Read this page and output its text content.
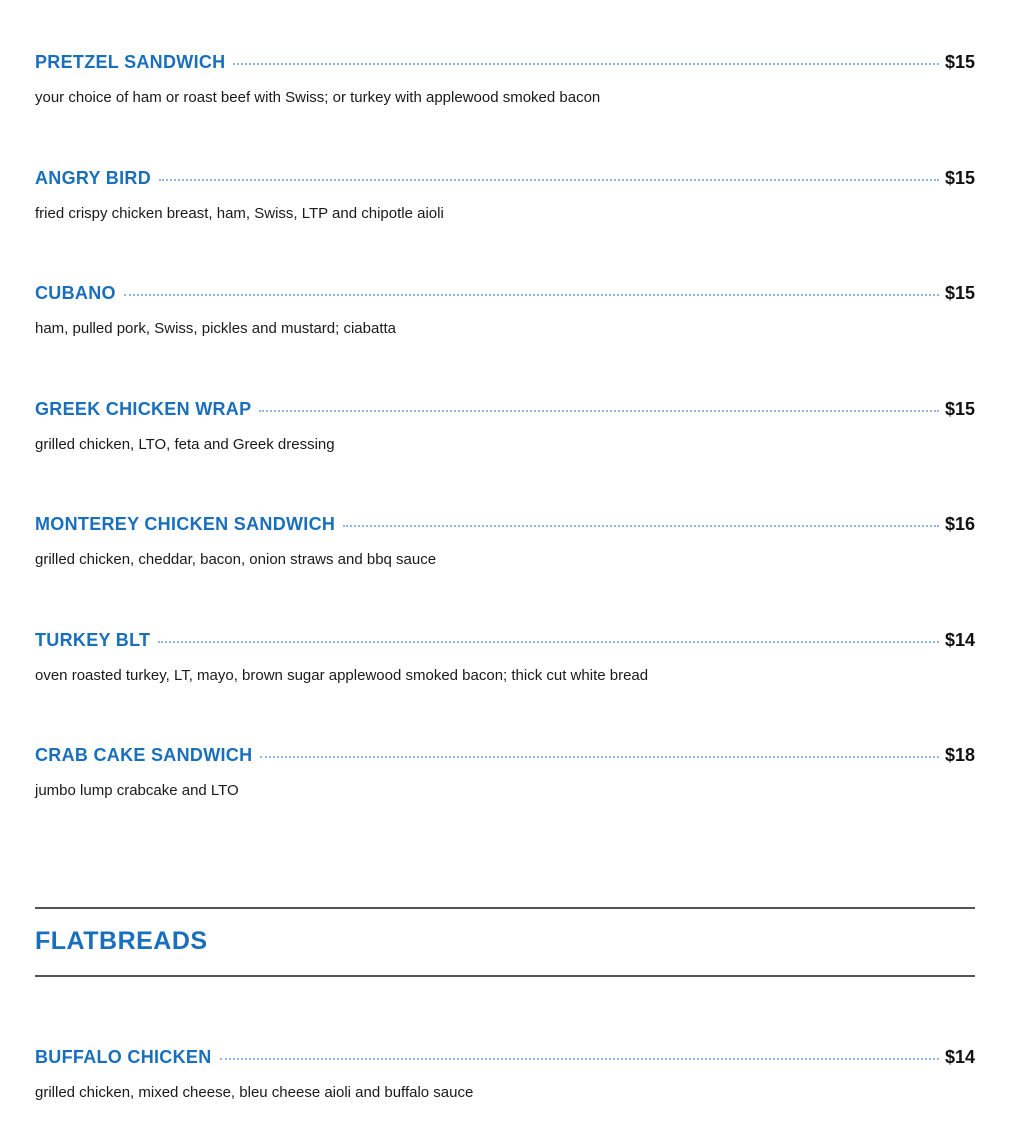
PRETZEL SANDWICH	$15
your choice of ham or roast beef with Swiss; or turkey with applewood smoked bacon
ANGRY BIRD	$15
fried crispy chicken breast, ham, Swiss, LTP and chipotle aioli
CUBANO	$15
ham, pulled pork, Swiss, pickles and mustard; ciabatta
GREEK CHICKEN WRAP	$15
grilled chicken, LTO, feta and Greek dressing
MONTEREY CHICKEN SANDWICH	$16
grilled chicken, cheddar, bacon, onion straws and bbq sauce
TURKEY BLT	$14
oven roasted turkey, LT, mayo, brown sugar applewood smoked bacon; thick cut white bread
CRAB CAKE SANDWICH	$18
jumbo lump crabcake and LTO
FLATBREADS
BUFFALO CHICKEN	$14
grilled chicken, mixed cheese, bleu cheese aioli and buffalo sauce
